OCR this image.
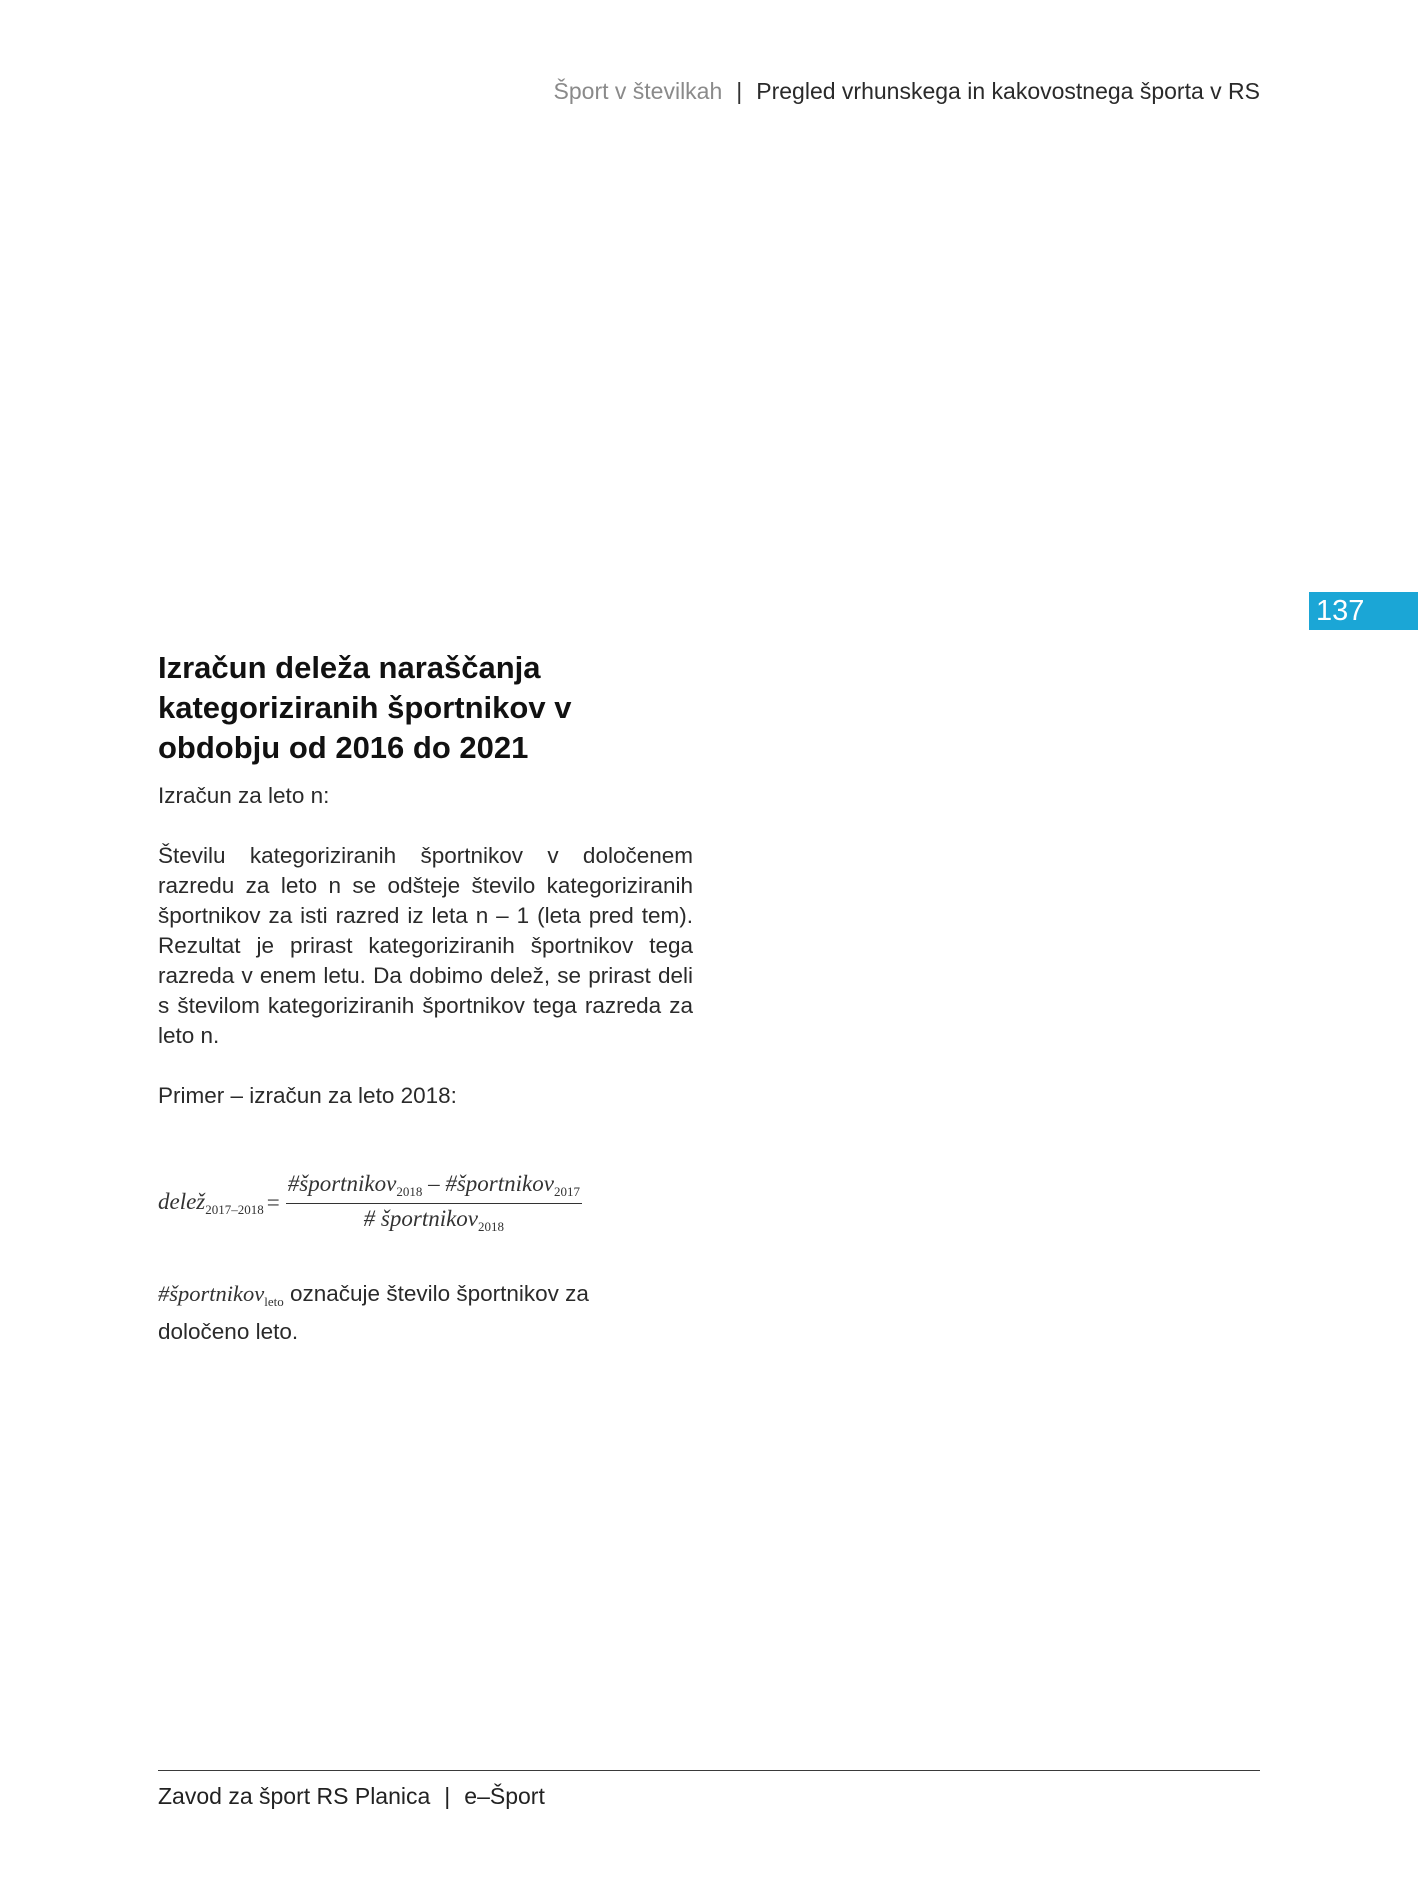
Šport v številkah | Pregled vrhunskega in kakovostnega športa v RS
137
Izračun deleža naraščanja
kategoriziranih športnikov v
obdobju od 2016 do 2021

Izračun za leto n:

Številu kategoriziranih športnikov v določenem razredu za leto n se odšteje število kategoriziranih športnikov za isti razred iz leta n – 1 (leta pred tem). Rezultat je prirast kategoriziranih športnikov tega razreda v enem letu. Da dobimo delež, se prirast deli s številom kategoriziranih športnikov tega razreda za leto n.

Primer – izračun za leto 2018:

delež$_{2017-2018}$ = $\frac{\#športnikov_{2018} - \#športnikov_{2017}}{\# športnikov_{2018}}$

#športnikov$_{leto}$ označuje število športnikov za
določeno leto.

Zavod za šport RS Planica | e–Šport
